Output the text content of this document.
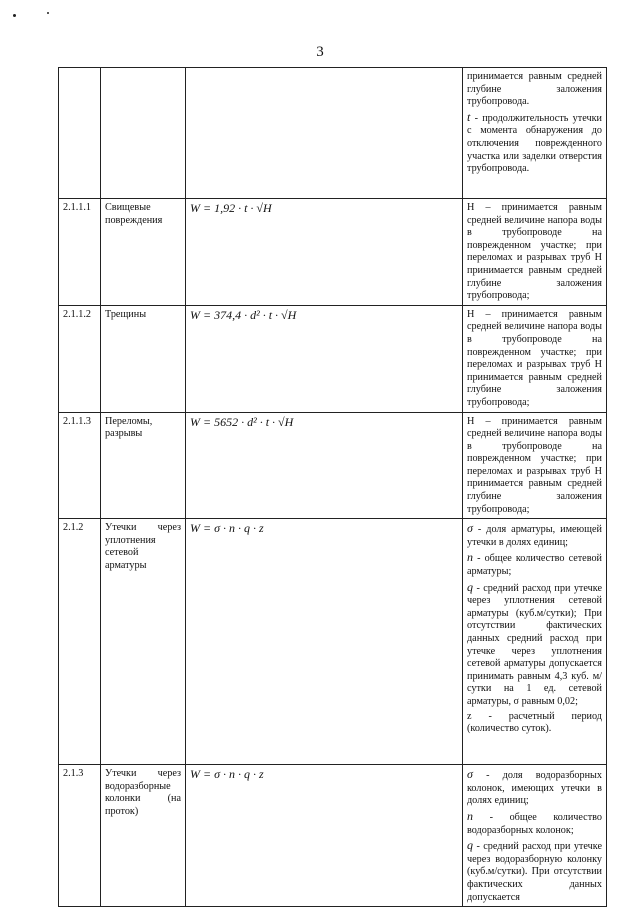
3

			принимается равным средней глубине заложения трубопровода.

t - продолжительность утечки с момента обнаружения до отключения поврежденного участка или заделки отверстия трубопровода.

2.1.1.1	Свищевые повреждения	W = 1,92 · t · √H	Н – принимается равным средней величине напора воды в трубопроводе на поврежденном участке; при переломах и разрывах труб Н принимается равным средней глубине заложения трубопровода;

2.1.1.2	Трещины	W = 374,4 · d² · t · √H	Н – принимается равным средней величине напора воды в трубопроводе на поврежденном участке; при переломах и разрывах труб Н принимается равным средней глубине заложения трубопровода;

2.1.1.3	Переломы, разрывы	W = 5652 · d² · t · √H	Н – принимается равным средней величине напора воды в трубопроводе на поврежденном участке; при переломах и разрывах труб Н принимается равным средней глубине заложения трубопровода;

2.1.2	Утечки через уплотнения сетевой арматуры	W = σ · n · q · z	σ - доля арматуры, имеющей утечки в долях единиц;

n - общее количество сетевой арматуры;

q - средний расход при утечке через уплотнения сетевой арматуры (куб.м/сутки); При отсутствии фактических данных средний расход при утечке через уплотнения сетевой арматуры допускается принимать равным 4,3 куб. м/сутки на 1 ед. сетевой арматуры, σ равным 0,02;

z - расчетный период (количество суток).

2.1.3	Утечки через водоразборные колонки (на проток)	W = σ · n · q · z	σ - доля водоразборных колонок, имеющих утечки в долях единиц;

n - общее количество водоразборных колонок;

q - средний расход при утечке через водоразборную колонку (куб.м/сутки). При отсутствии фактических данных допускается
